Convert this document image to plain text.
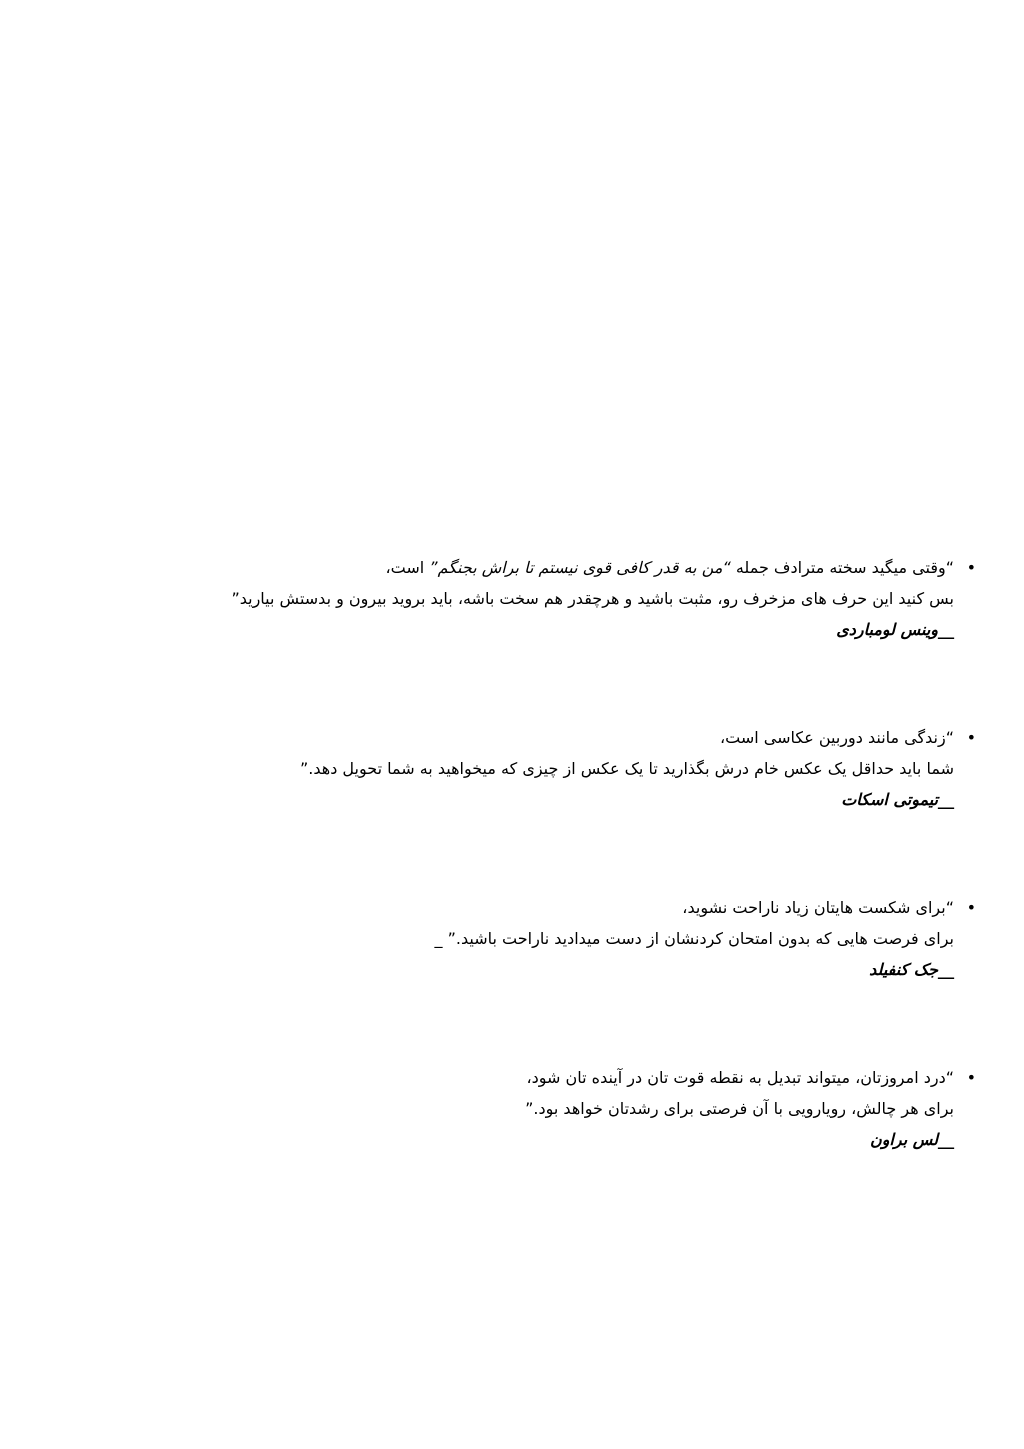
•
“وقتی میگید سخته مترادف جمله “من به قدر کافی قوی نیستم تا براش بجنگم” است،
بس کنید این حرف های مزخرف رو، مثبت باشید و هرچقدر هم سخت باشه، باید بروید بیرون و بدستش بیارید”
__وینس لومباردی
•
“زندگی مانند دوربین عکاسی است،
شما باید حداقل یک عکس خام درش بگذارید تا یک عکس از چیزی که میخواهید به شما تحویل دهد.”
__تیموتی اسکات
•
“برای شکست هایتان زیاد ناراحت نشوید،
برای فرصت هایی که بدون امتحان کردنشان از دست میدادید ناراحت باشید.” _
__جک کنفیلد
•
“درد امروزتان، میتواند تبدیل به نقطه قوت تان در آینده تان شود،
برای هر چالش، رویارویی با آن فرصتی برای رشدتان خواهد بود.”
__لس براون
